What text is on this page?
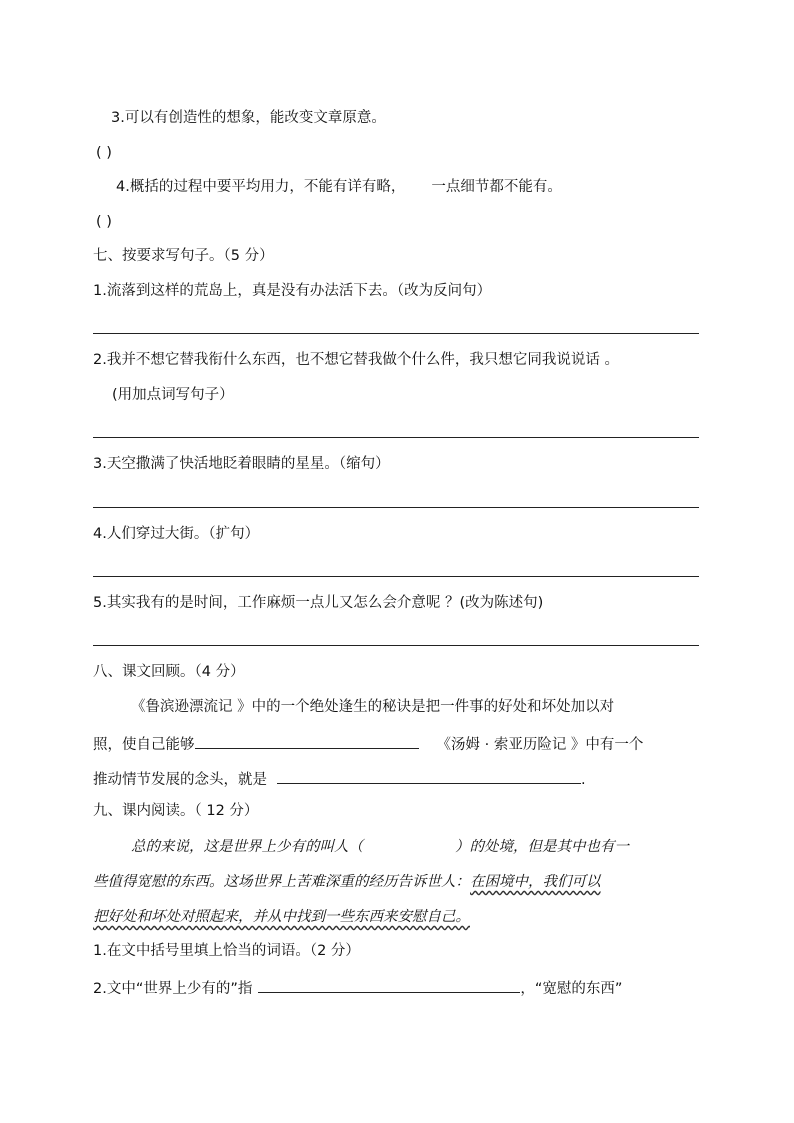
3.可以有创造性的想象，能改变文章原意。
( )
4.概括的过程中要平均用力，不能有详有略， 一点细节都不能有。
( )
七、按要求写句子。（5 分）
1.流落到这样的荒岛上，真是没有办法活下去。（改为反问句）
2.我并不想它替我衔什么东西，也不想它替我做个什么件，我只想它同我说说话 。
(用加点词写句子）
3.天空撒满了快活地眨着眼睛的星星。（缩句）
4.人们穿过大街。（扩句）
5.其实我有的是时间，工作麻烦一点儿又怎么会介意呢 ？(改为陈述句)
八、课文回顾。（4 分）
《鲁滨逊漂流记 》中的一个绝处逢生的秘诀是把一件事的好处和坏处加以对
照，使自己能够	《汤姆 · 索亚历险记 》中有一个
推动情节发展的念头，就是	.
九、课内阅读。（ 12 分）
总的来说，这是世界上少有的叫人（	）的处境，但是其中也有一
些值得宽慰的东西。这场世界上苦难深重的经历告诉世人：在困境中，我们可以
把好处和坏处对照起来，并从中找到一些东西来安慰自己。
1.在文中括号里填上恰当的词语。（2 分）
2.文中“世界上少有的”指	，“宽慰的东西”
